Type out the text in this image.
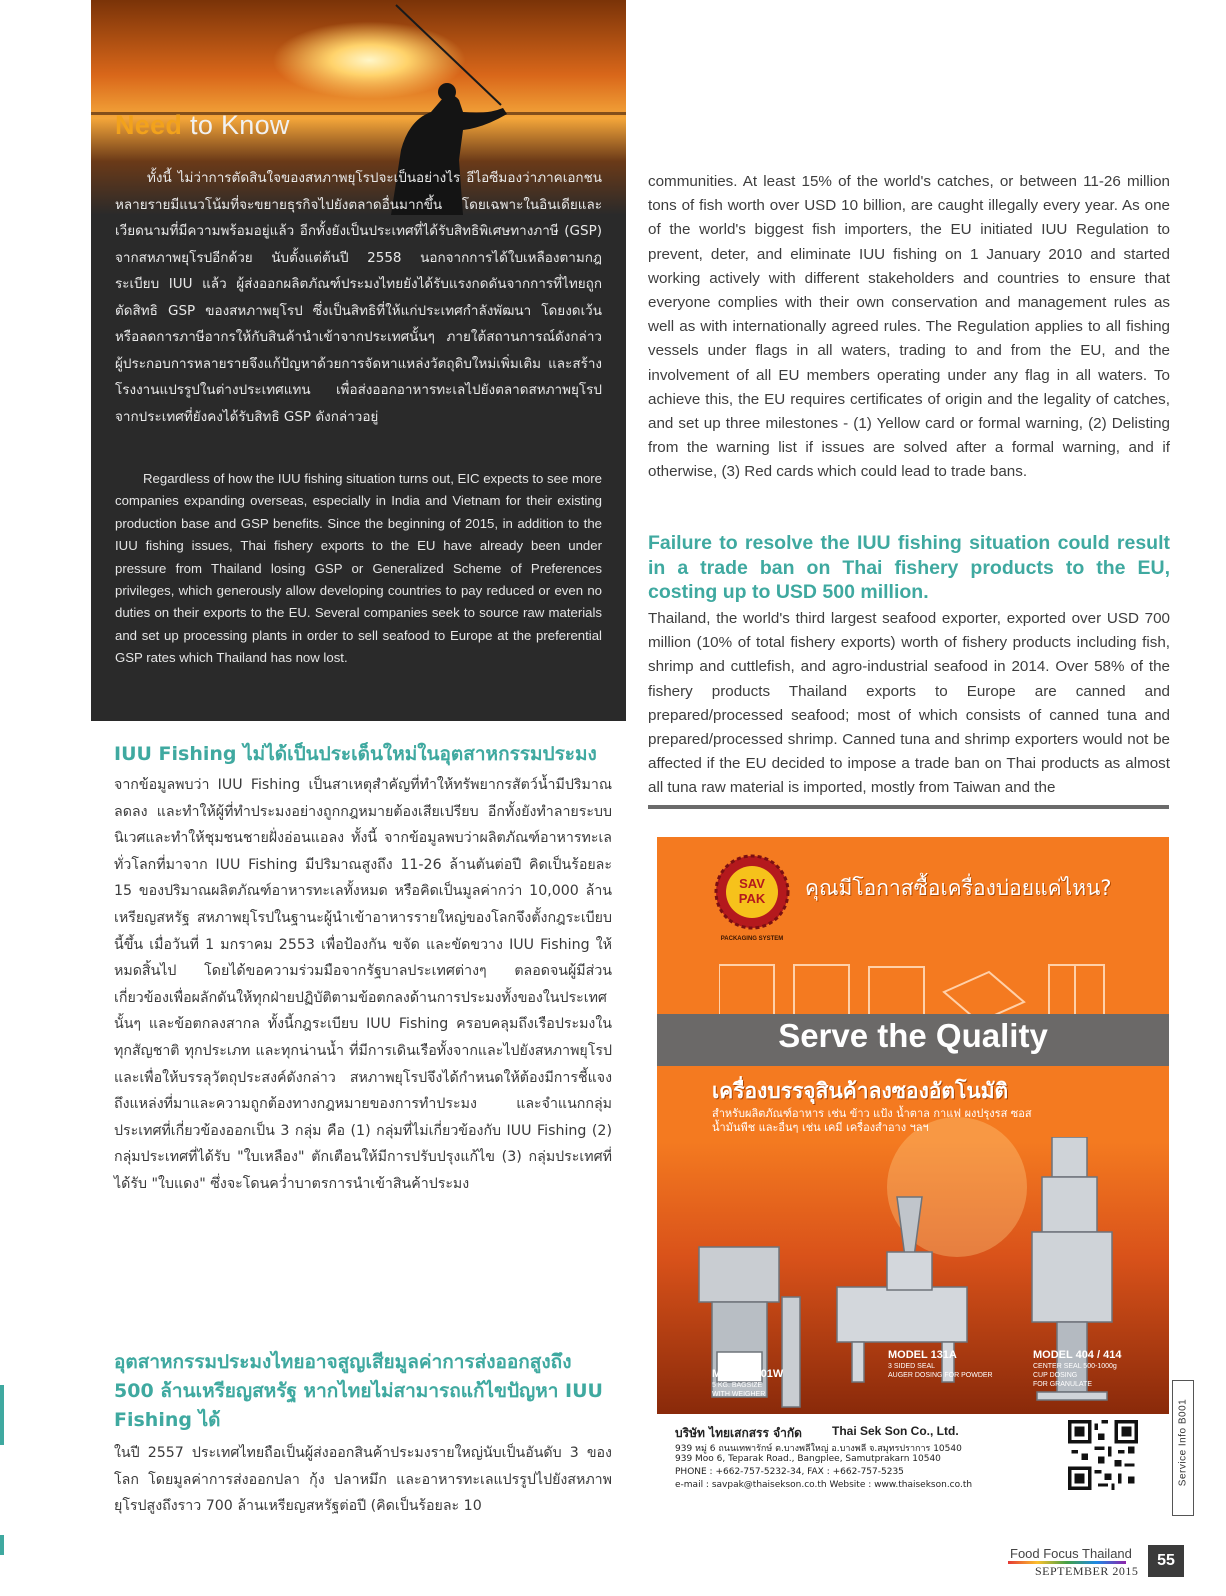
Need to Know

ทั้งนี้ ไม่ว่าการตัดสินใจของสหภาพยุโรปจะเป็นอย่างไร อีไอซีมองว่าภาคเอกชนหลายรายมีแนวโน้มที่จะขยายธุรกิจไปยังตลาดอื่นมากขึ้น โดยเฉพาะในอินเดียและเวียดนามที่มีความพร้อมอยู่แล้ว อีกทั้งยังเป็นประเทศที่ได้รับสิทธิพิเศษทางภาษี (GSP) จากสหภาพยุโรปอีกด้วย นับตั้งแต่ต้นปี 2558 นอกจากการได้ใบเหลืองตามกฎระเบียบ IUU แล้ว ผู้ส่งออกผลิตภัณฑ์ประมงไทยยังได้รับแรงกดดันจากการที่ไทยถูกตัดสิทธิ GSP ของสหภาพยุโรป ซึ่งเป็นสิทธิที่ให้แก่ประเทศกำลังพัฒนา โดยงดเว้นหรือลดการภาษีอากรให้กับสินค้านำเข้าจากประเทศนั้นๆ ภายใต้สถานการณ์ดังกล่าว ผู้ประกอบการหลายรายจึงแก้ปัญหาด้วยการจัดหาแหล่งวัตถุดิบใหม่เพิ่มเติม และสร้างโรงงานแปรรูปในต่างประเทศแทน เพื่อส่งออกอาหารทะเลไปยังตลาดสหภาพยุโรปจากประเทศที่ยังคงได้รับสิทธิ GSP ดังกล่าวอยู่

Regardless of how the IUU fishing situation turns out, EIC expects to see more companies expanding overseas, especially in India and Vietnam for their existing production base and GSP benefits. Since the beginning of 2015, in addition to the IUU fishing issues, Thai fishery exports to the EU have already been under pressure from Thailand losing GSP or Generalized Scheme of Preferences privileges, which generously allow developing countries to pay reduced or even no duties on their exports to the EU. Several companies seek to source raw materials and set up processing plants in order to sell seafood to Europe at the preferential GSP rates which Thailand has now lost.

IUU Fishing ไม่ได้เป็นประเด็นใหม่ในอุตสาหกรรมประมง

จากข้อมูลพบว่า IUU Fishing เป็นสาเหตุสำคัญที่ทำให้ทรัพยากรสัตว์น้ำมีปริมาณลดลง และทำให้ผู้ที่ทำประมงอย่างถูกกฎหมายต้องเสียเปรียบ อีกทั้งยังทำลายระบบนิเวศและทำให้ชุมชนชายฝั่งอ่อนแอลง ทั้งนี้ จากข้อมูลพบว่าผลิตภัณฑ์อาหารทะเลทั่วโลกที่มาจาก IUU Fishing มีปริมาณสูงถึง 11-26 ล้านตันต่อปี คิดเป็นร้อยละ 15 ของปริมาณผลิตภัณฑ์อาหารทะเลทั้งหมด หรือคิดเป็นมูลค่ากว่า 10,000 ล้านเหรียญสหรัฐ สหภาพยุโรปในฐานะผู้นำเข้าอาหารรายใหญ่ของโลกจึงตั้งกฎระเบียบนี้ขึ้น เมื่อวันที่ 1 มกราคม 2553 เพื่อป้องกัน ขจัด และขัดขวาง IUU Fishing ให้หมดสิ้นไป โดยได้ขอความร่วมมือจากรัฐบาลประเทศต่างๆ ตลอดจนผู้มีส่วนเกี่ยวข้องเพื่อผลักดันให้ทุกฝ่ายปฏิบัติตามข้อตกลงด้านการประมงทั้งของในประเทศนั้นๆ และข้อตกลงสากล ทั้งนี้กฎระเบียบ IUU Fishing ครอบคลุมถึงเรือประมงในทุกสัญชาติ ทุกประเภท และทุกน่านน้ำ ที่มีการเดินเรือทั้งจากและไปยังสหภาพยุโรป และเพื่อให้บรรลุวัตถุประสงค์ดังกล่าว สหภาพยุโรปจึงได้กำหนดให้ต้องมีการชี้แจงถึงแหล่งที่มาและความถูกต้องทางกฎหมายของการทำประมง และจำแนกกลุ่มประเทศที่เกี่ยวข้องออกเป็น 3 กลุ่ม คือ (1) กลุ่มที่ไม่เกี่ยวข้องกับ IUU Fishing (2) กลุ่มประเทศที่ได้รับ "ใบเหลือง" ตักเตือนให้มีการปรับปรุงแก้ไข (3) กลุ่มประเทศที่ได้รับ "ใบแดง" ซึ่งจะโดนคว่ำบาตรการนำเข้าสินค้าประมง

อุตสาหกรรมประมงไทยอาจสูญเสียมูลค่าการส่งออกสูงถึง 500 ล้านเหรียญสหรัฐ หากไทยไม่สามารถแก้ไขปัญหา IUU Fishing ได้

ในปี 2557 ประเทศไทยถือเป็นผู้ส่งออกสินค้าประมงรายใหญ่นับเป็นอันดับ 3 ของโลก โดยมูลค่าการส่งออกปลา กุ้ง ปลาหมึก และอาหารทะเลแปรรูปไปยังสหภาพยุโรปสูงถึงราว 700 ล้านเหรียญสหรัฐต่อปี (คิดเป็นร้อยละ 10

communities. At least 15% of the world's catches, or between 11-26 million tons of fish worth over USD 10 billion, are caught illegally every year. As one of the world's biggest fish importers, the EU initiated IUU Regulation to prevent, deter, and eliminate IUU fishing on 1 January 2010 and started working actively with different stakeholders and countries to ensure that everyone complies with their own conservation and management rules as well as with internationally agreed rules. The Regulation applies to all fishing vessels under flags in all waters, trading to and from the EU, and the involvement of all EU members operating under any flag in all waters. To achieve this, the EU requires certificates of origin and the legality of catches, and set up three milestones - (1) Yellow card or formal warning, (2) Delisting from the warning list if issues are solved after a formal warning, and if otherwise, (3) Red cards which could lead to trade bans.

Failure to resolve the IUU fishing situation could result in a trade ban on Thai fishery products to the EU, costing up to USD 500 million.

Thailand, the world's third largest seafood exporter, exported over USD 700 million (10% of total fishery exports) worth of fishery products including fish, shrimp and cuttlefish, and agro-industrial seafood in 2014. Over 58% of the fishery products Thailand exports to Europe are canned and prepared/processed seafood; most of which consists of canned tuna and prepared/processed shrimp. Canned tuna and shrimp exporters would not be affected if the EU decided to impose a trade ban on Thai products as almost all tuna raw material is imported, mostly from Taiwan and the

SAV
PAK
PACKAGING SYSTEM
คุณมีโอกาสซื้อเครื่องบ่อยแค่ไหน?
Serve the Quality
เครื่องบรรจุสินค้าลงซองอัตโนมัติ
สำหรับผลิตภัณฑ์อาหาร เช่น ข้าว แป้ง น้ำตาล กาแฟ ผงปรุงรส ซอส
น้ำมันพืช และอื่นๆ เช่น เคมี เครื่องสำอาง ฯลฯ
MODEL 801W
5 KG. BAGSIZE
WITH WEIGHER
MODEL 131A
3 SIDED SEAL
AUGER DOSING FOR POWDER
MODEL 404 / 414
CENTER SEAL 500-1000g
CUP DOSING
FOR GRANULATE
บริษัท ไทยเสกสรร จำกัด	Thai Sek Son Co., Ltd.
939 หมู่ 6 ถนนเทพารักษ์ ต.บางพลีใหญ่ อ.บางพลี จ.สมุทรปราการ 10540
939 Moo 6, Teparak Road., Bangplee, Samutprakarn 10540
PHONE : +662-757-5232-34, FAX : +662-757-5235
e-mail : savpak@thaisekson.co.th Website : www.thaisekson.co.th	Service Info B001
Food Focus Thailand
SEPTEMBER 2015
55
